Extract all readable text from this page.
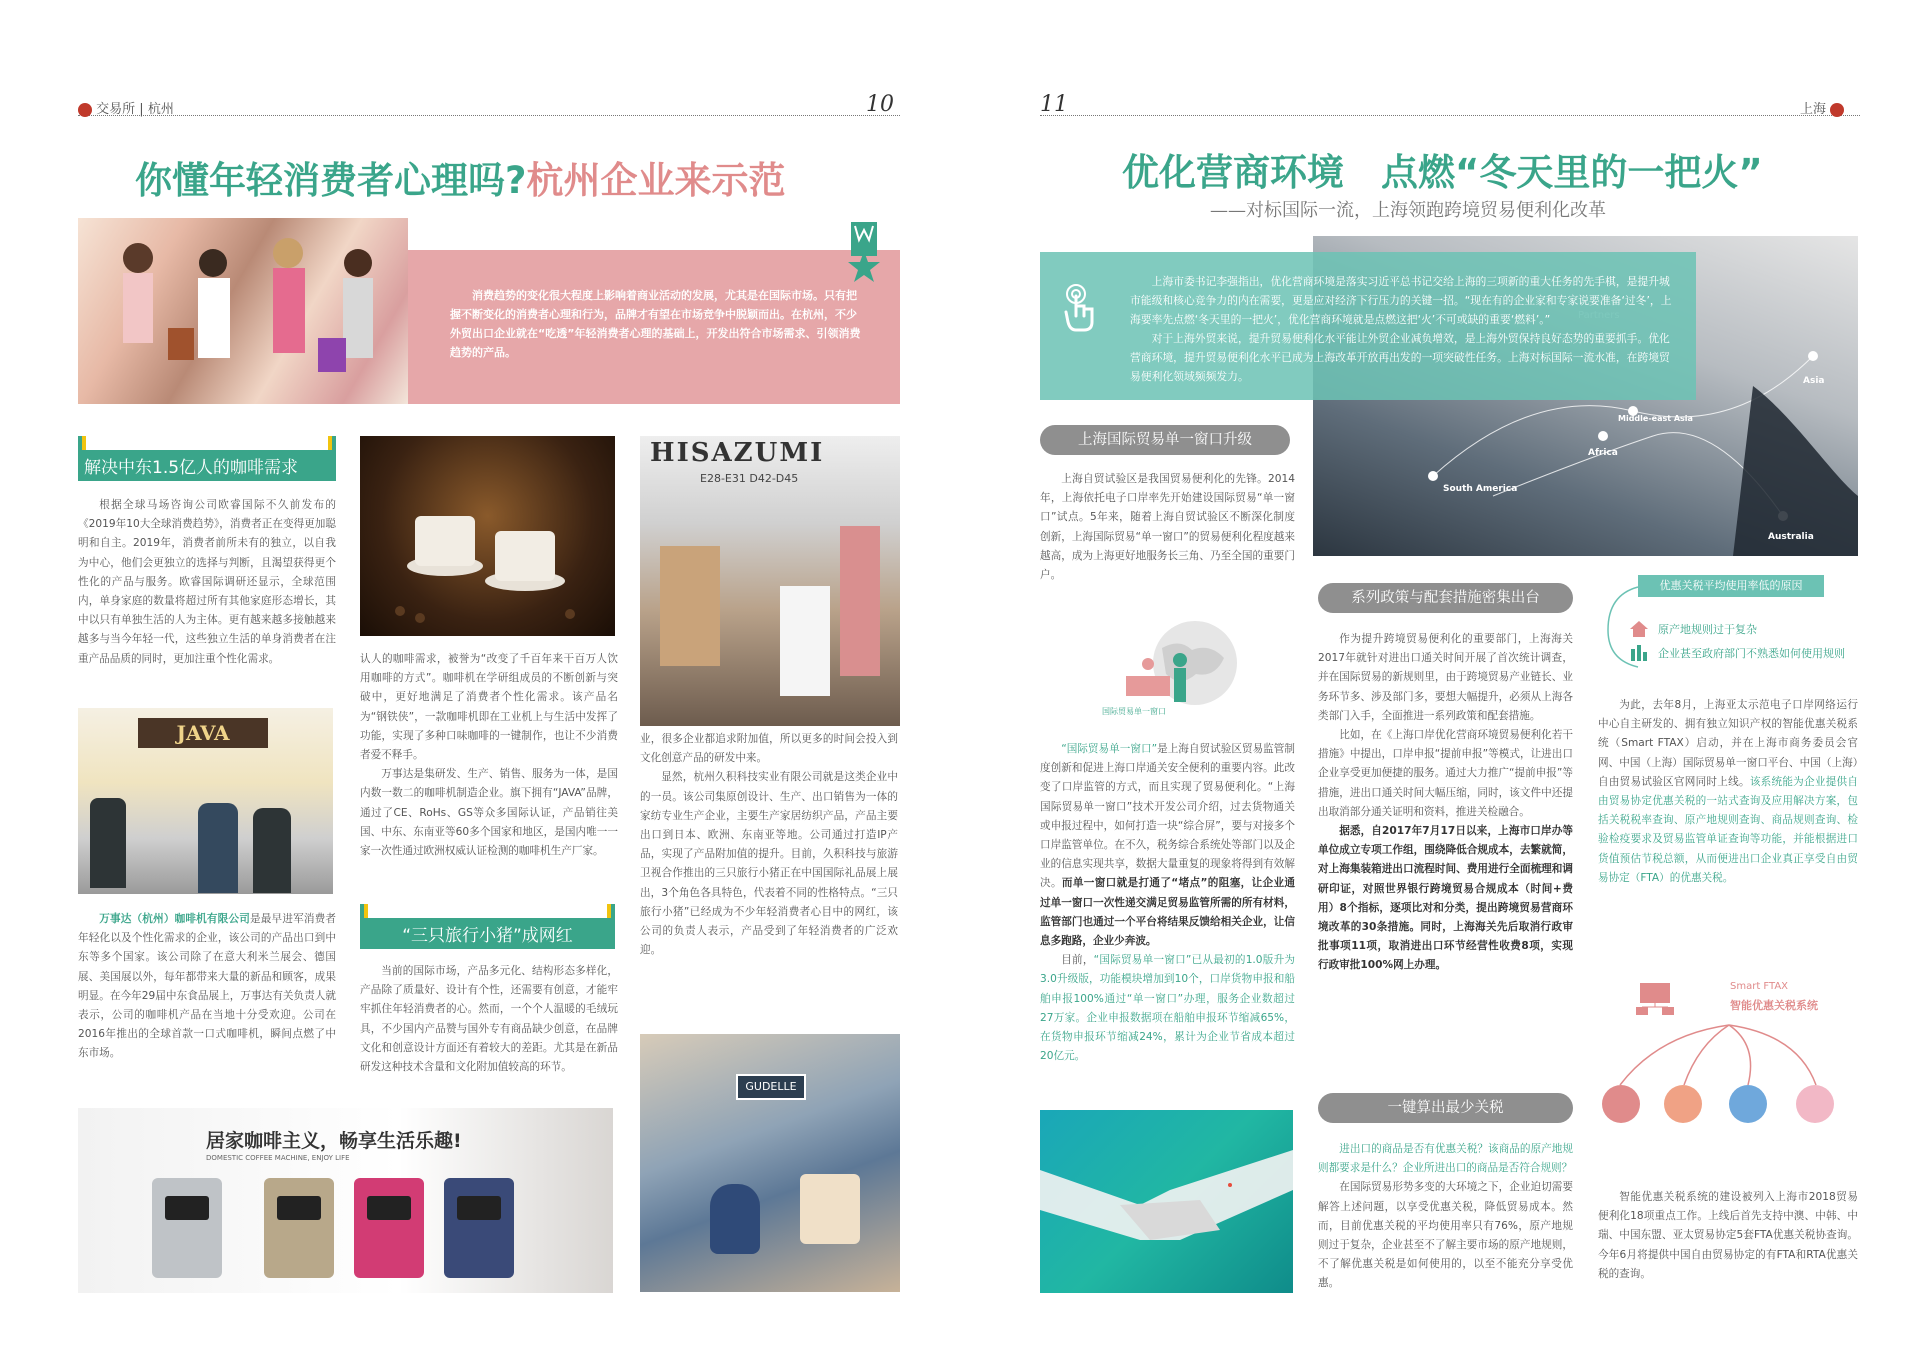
交易所 | 杭州	10
你懂年轻消费者心理吗?杭州企业来示范
消费趋势的变化很大程度上影响着商业活动的发展，尤其是在国际市场。只有把握不断变化的消费者心理和行为，品牌才有望在市场竞争中脱颖而出。在杭州，不少外贸出口企业就在“吃透”年轻消费者心理的基础上，开发出符合市场需求、引领消费趋势的产品。
解决中东1.5亿人的咖啡需求

根据全球马场咨询公司欧睿国际不久前发布的《2019年10大全球消费趋势》，消费者正在变得更加聪明和自主。2019年，消费者前所未有的独立，以自我为中心，他们会更独立的选择与判断，且渴望获得更个性化的产品与服务。欧睿国际调研还显示，全球范围内，单身家庭的数量将超过所有其他家庭形态增长，其中以只有单独生活的人为主体。更有越来越多接触越来越多与当今年轻一代，这些独立生活的单身消费者在注重产品品质的同时，更加注重个性化需求。

JAVA

万事达（杭州）咖啡机有限公司是最早进军消费者年轻化以及个性化需求的企业，该公司的产品出口到中东等多个国家。该公司除了在意大利米兰展会、德国展、美国展以外，每年都带来大量的新品和顾客，成果明显。在今年29届中东食品展上，万事达有关负责人就表示，公司的咖啡机产品在当地十分受欢迎。公司在2016年推出的全球首款一口式咖啡机，瞬间点燃了中东市场。

认人的咖啡需求，被誉为“改变了千百年来干百万人饮用咖啡的方式”。咖啡机在学研组成员的不断创新与突破中，更好地满足了消费者个性化需求。该产品名为“钢铁侠”，一款咖啡机即在工业机上与生活中发挥了功能，实现了多种口味咖啡的一键制作，也让不少消费者爱不释手。

万事达是集研发、生产、销售、服务为一体，是国内数一数二的咖啡机制造企业。旗下拥有“JAVA”品牌，通过了CE、RoHs、GS等众多国际认证，产品销往美国、中东、东南亚等60多个国家和地区，是国内唯一一家一次性通过欧洲权威认证检测的咖啡机生产厂家。

“三只旅行小猪”成网红

当前的国际市场，产品多元化、结构形态多样化，产品除了质量好、设计有个性，还需要有创意，才能牢牢抓住年轻消费者的心。然而，一个个人温暖的毛绒玩具，不少国内产品赞与国外专有商品缺少创意，在品牌文化和创意设计方面还有着较大的差距。尤其是在新品研发这种技术含量和文化附加值较高的环节。

HISAZUMI
E28-E31 D42-D45

业，很多企业都追求附加值，所以更多的时间会投入到文化创意产品的研发中来。

显然，杭州久积科技实业有限公司就是这类企业中的一员。该公司集原创设计、生产、出口销售为一体的家纺专业生产企业，主要生产家居纺织产品，产品主要出口到日本、欧洲、东南亚等地。公司通过打造IP产品，实现了产品附加值的提升。目前，久积科技与旅游卫视合作推出的三只旅行小猪正在中国国际礼品展上展出，3个角色各具特色，代表着不同的性格特点。“三只旅行小猪”已经成为不少年轻消费者心目中的网红，该公司的负责人表示，产品受到了年轻消费者的广泛欢迎。

GUDELLE
居家咖啡主义，畅享生活乐趣!
DOMESTIC COFFEE MACHINE, ENJOY LIFE
11	上海
优化营商环境　点燃“冬天里的一把火”
——对标国际一流，上海领跑跨境贸易便利化改革
Asia
Middle-east Asia
Africa
South America
Australia

上海市委书记李强指出，优化营商环境是落实习近平总书记交给上海的三项新的重大任务的先手棋，是提升城市能级和核心竞争力的内在需要，更是应对经济下行压力的关键一招。“现在有的企业家和专家说要准备‘过冬’，上海要率先点燃‘冬天里的一把火’，优化营商环境就是点燃这把‘火’不可或缺的重要‘燃料’。”

对于上海外贸来说，提升贸易便利化水平能让外贸企业减负增效，是上海外贸保持良好态势的重要抓手。优化营商环境，提升贸易便利化水平已成为上海改革开放再出发的一项突破性任务。上海对标国际一流水准，在跨境贸易便利化领域频频发力。

上海国际贸易单一窗口升级

上海自贸试验区是我国贸易便利化的先锋。2014年，上海依托电子口岸率先开始建设国际贸易“单一窗口”试点。5年来，随着上海自贸试验区不断深化制度创新，上海国际贸易“单一窗口”的贸易便利化程度越来越高，成为上海更好地服务长三角、乃至全国的重要门户。

国际贸易单一窗口

“国际贸易单一窗口”是上海自贸试验区贸易监管制度创新和促进上海口岸通关安全便利的重要内容。此改变了口岸监管的方式，而且实现了贸易便利化。“上海国际贸易单一窗口”技术开发公司介绍，过去货物通关或申报过程中，如何打造一块“综合屏”，要与对接多个口岸监管单位。在不久，税务综合系统处等部门以及企业的信息实现共享，数据大量重复的现象将得到有效解决。而单一窗口就是打通了“堵点”的阻塞，让企业通过单一窗口一次性递交满足贸易监管所需的所有材料，监管部门也通过一个平台将结果反馈给相关企业，让信息多跑路，企业少奔波。

目前，“国际贸易单一窗口”已从最初的1.0版升为3.0升级版，功能模块增加到10个，口岸货物申报和船舶申报100%通过“单一窗口”办理，服务企业数超过27万家。企业申报数据项在船舶申报环节缩减65%，在货物申报环节缩减24%，累计为企业节省成本超过20亿元。

系列政策与配套措施密集出台

作为提升跨境贸易便利化的重要部门，上海海关2017年就针对进出口通关时间开展了首次统计调查，并在国际贸易的新规则里，由于跨境贸易产业链长、业务环节多、涉及部门多，要想大幅提升，必须从上海各类部门入手，全面推进一系列政策和配套措施。

比如，在《上海口岸优化营商环境贸易便利化若干措施》中提出，口岸申报“提前申报”等模式，让进出口企业享受更加便捷的服务。通过大力推广“提前申报”等措施，进出口通关时间大幅压缩，同时，该文件中还提出取消部分通关证明和资料，推进关检融合。

据悉，自2017年7月17日以来，上海市口岸办等单位成立专项工作组，围绕降低合规成本，去繁就简，对上海集装箱进出口流程时间、费用进行全面梳理和调研印证，对照世界银行跨境贸易合规成本（时间+费用）8个指标，逐项比对和分类，提出跨境贸易营商环境改革的30条措施。同时，上海海关先后取消行政审批事项11项，取消进出口环节经营性收费8项，实现行政审批100%网上办理。

一键算出最少关税

进出口的商品是否有优惠关税？该商品的原产地规则都要求是什么？企业所进出口的商品是否符合规则？

在国际贸易形势多变的大环境之下，企业迫切需要解答上述问题，以享受优惠关税，降低贸易成本。然而，目前优惠关税的平均使用率只有76%，原产地规则过于复杂，企业甚至不了解主要市场的原产地规则，不了解优惠关税是如何使用的，以至不能充分享受优惠。

优惠关税平均使用率低的原因
原产地规则过于复杂
企业甚至政府部门不熟悉如何使用规则

为此，去年8月，上海亚太示范电子口岸网络运行中心自主研发的、拥有独立知识产权的智能优惠关税系统（Smart FTAX）启动，并在上海市商务委员会官网、中国（上海）国际贸易单一窗口平台、中国（上海）自由贸易试验区官网同时上线。该系统能为企业提供自由贸易协定优惠关税的一站式查询及应用解决方案，包括关税税率查询、原产地规则查询、商品规则查询、检验检疫要求及贸易监管单证查询等功能，并能根据进口货值预估节税总额，从而便进出口企业真正享受自由贸易协定（FTA）的优惠关税。

Smart FTAX
智能优惠关税系统

智能优惠关税系统的建设被列入上海市2018贸易便利化18项重点工作。上线后首先支持中澳、中韩、中瑞、中国东盟、亚太贸易协定5套FTA优惠关税协查询。今年6月将提供中国自由贸易协定的有FTA和RTA优惠关税的查询。
